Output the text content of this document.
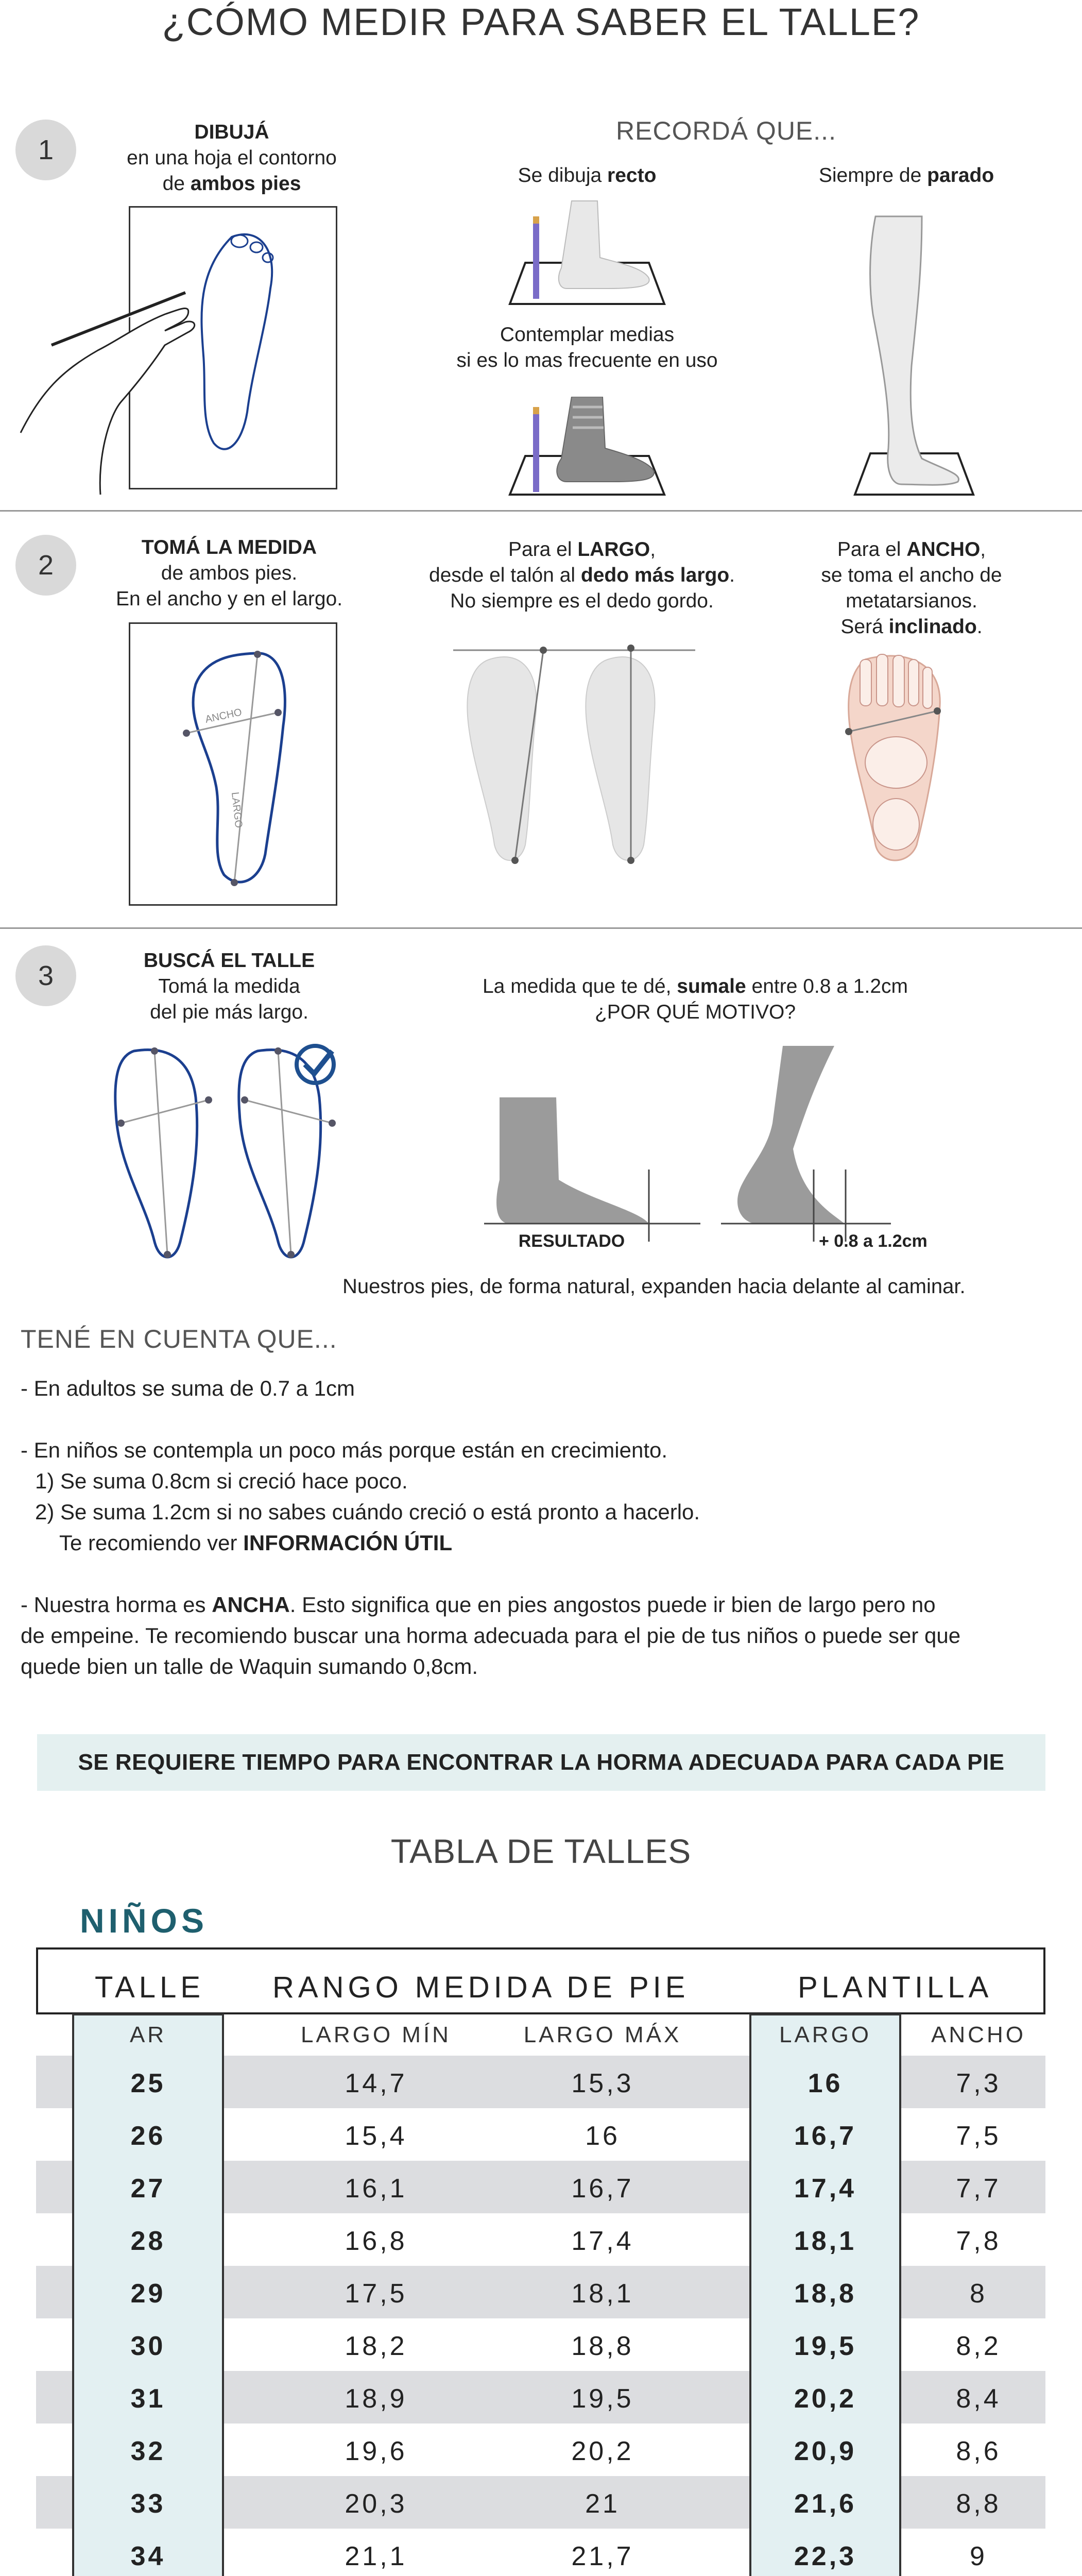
¿CÓMO MEDIR PARA SABER EL TALLE?
1
DIBUJÁ
en una hoja el contorno
de ambos pies
RECORDÁ QUE...
Se dibuja recto	Siempre de parado
Contemplar medias
si es lo mas frecuente en uso
2
TOMÁ LA MEDIDA
de ambos pies.
En el ancho y en el largo.
ANCHO
LARGO
Para el LARGO,
desde el talón al dedo más largo.
No siempre es el dedo gordo.
Para el ANCHO,
se toma el ancho de
metatarsianos.
Será inclinado.
3	BUSCÁ EL TALLE
Tomá la medida
del pie más largo.
La medida que te dé, sumale entre 0.8 a 1.2cm
¿POR QUÉ MOTIVO?
RESULTADO	+ 0.8 a 1.2cm
Nuestros pies, de forma natural, expanden hacia delante al caminar.
TENÉ EN CUENTA QUE...
- En adultos se suma de 0.7 a 1cm
- En niños se contempla un poco más porque están en crecimiento.
1) Se suma 0.8cm si creció hace poco.
2) Se suma 1.2cm si no sabes cuándo creció o está pronto a hacerlo.
Te recomiendo ver INFORMACIÓN ÚTIL
- Nuestra horma es ANCHA. Esto significa que en pies angostos puede ir bien de largo pero no
de empeine. Te recomiendo buscar una horma adecuada para el pie de tus niños o puede ser que
quede bien un talle de Waquin sumando 0,8cm.
SE REQUIERE TIEMPO PARA ENCONTRAR LA HORMA ADECUADA PARA CADA PIE
TABLA DE TALLES
NIÑOS
TALLE RANGO MEDIDA DE PIE	PLANTILLA
AR	LARGO MÍN	LARGO MÁX	LARGO	ANCHO
25	14,7	15,3	16	7,3
26	15,4	16	16,7	7,5
27	16,1	16,7	17,4	7,7
28	16,8	17,4	18,1	7,8
29	17,5	18,1	18,8	8
30	18,2	18,8	19,5	8,2
31	18,9	19,5	20,2	8,4
32	19,6	20,2	20,9	8,6
33	20,3	21	21,6	8,8
34	21,1	21,7	22,3	9
